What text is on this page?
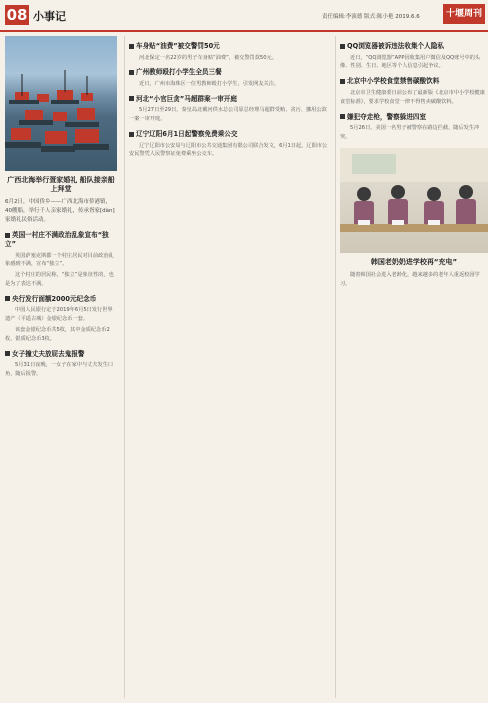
08 小事记	责任编辑:李演德 版式:陈小艳 2019.6.6	十堰周刊
广西北海举行疍家婚礼 船队接亲船上拜堂

6月2日，中国侨乡——广西北海市侨港镇，40艘船，举行千人亲家婚礼，传承疍家[dàn]家婚礼民俗活动。

英国一村庄不满政治乱象宣布“独立”

英国萨塞克斯郡一个村庄居民对目前政治乱象感到不满，宣布“独立”。

这个村庄的居民称，“独立”是象征性的，也是为了表达不满。

央行发行面额2000元纪念币

中国人民银行定于2019年6月5日发行世界遗产（平遥古城）金银纪念币一套。

该套金银纪念币共5枚，其中金质纪念币2枚，银质纪念币3枚。

女子撞丈夫放屁去鬼报警

5月31日夜晚，一女子在家中与丈夫发生口角，随后报警。

车身贴“油费”被交警罚50元

河北保定一名22岁的男子车身贴“油费”，被交警罚款50元。

广州教师殴打小学生全员三餐

近日，广州市海珠区一位男教师殴打小学生，引发网友关注。

河北“小官巨贪”马超群案一审开庭

5月27日至29日，秦皇岛北戴河供水总公司原总经理马超群受贿、贪污、挪用公款一案一审开庭。

辽宁辽阳6月1日起警察免费乘公交

辽宁辽阳市公安局与辽阳市公共交通集团有限公司联合发文，6月1日起，辽阳市公安民警凭人民警察证免费乘坐公交车。

QQ浏览器被诉违法收集个人隐私

近日，“QQ浏览器”APP因收集用户微信及QQ账号中的头像、性别、生日、地区等个人信息引起争议。

北京中小学校食堂禁售碳酸饮料

北京市卫生健康委日前公布了最新版《北京市中小学校健康食堂标准》，要求学校食堂一律不得售卖碳酸饮料。

嫌犯夺走枪，警察躲进四室

5月26日，美国一名男子被警察在路边拦截，随后发生冲突。

韩国老奶奶进学校再“充电”

随着韩国社会进入老龄化，越来越多的老年人重返校园学习。
